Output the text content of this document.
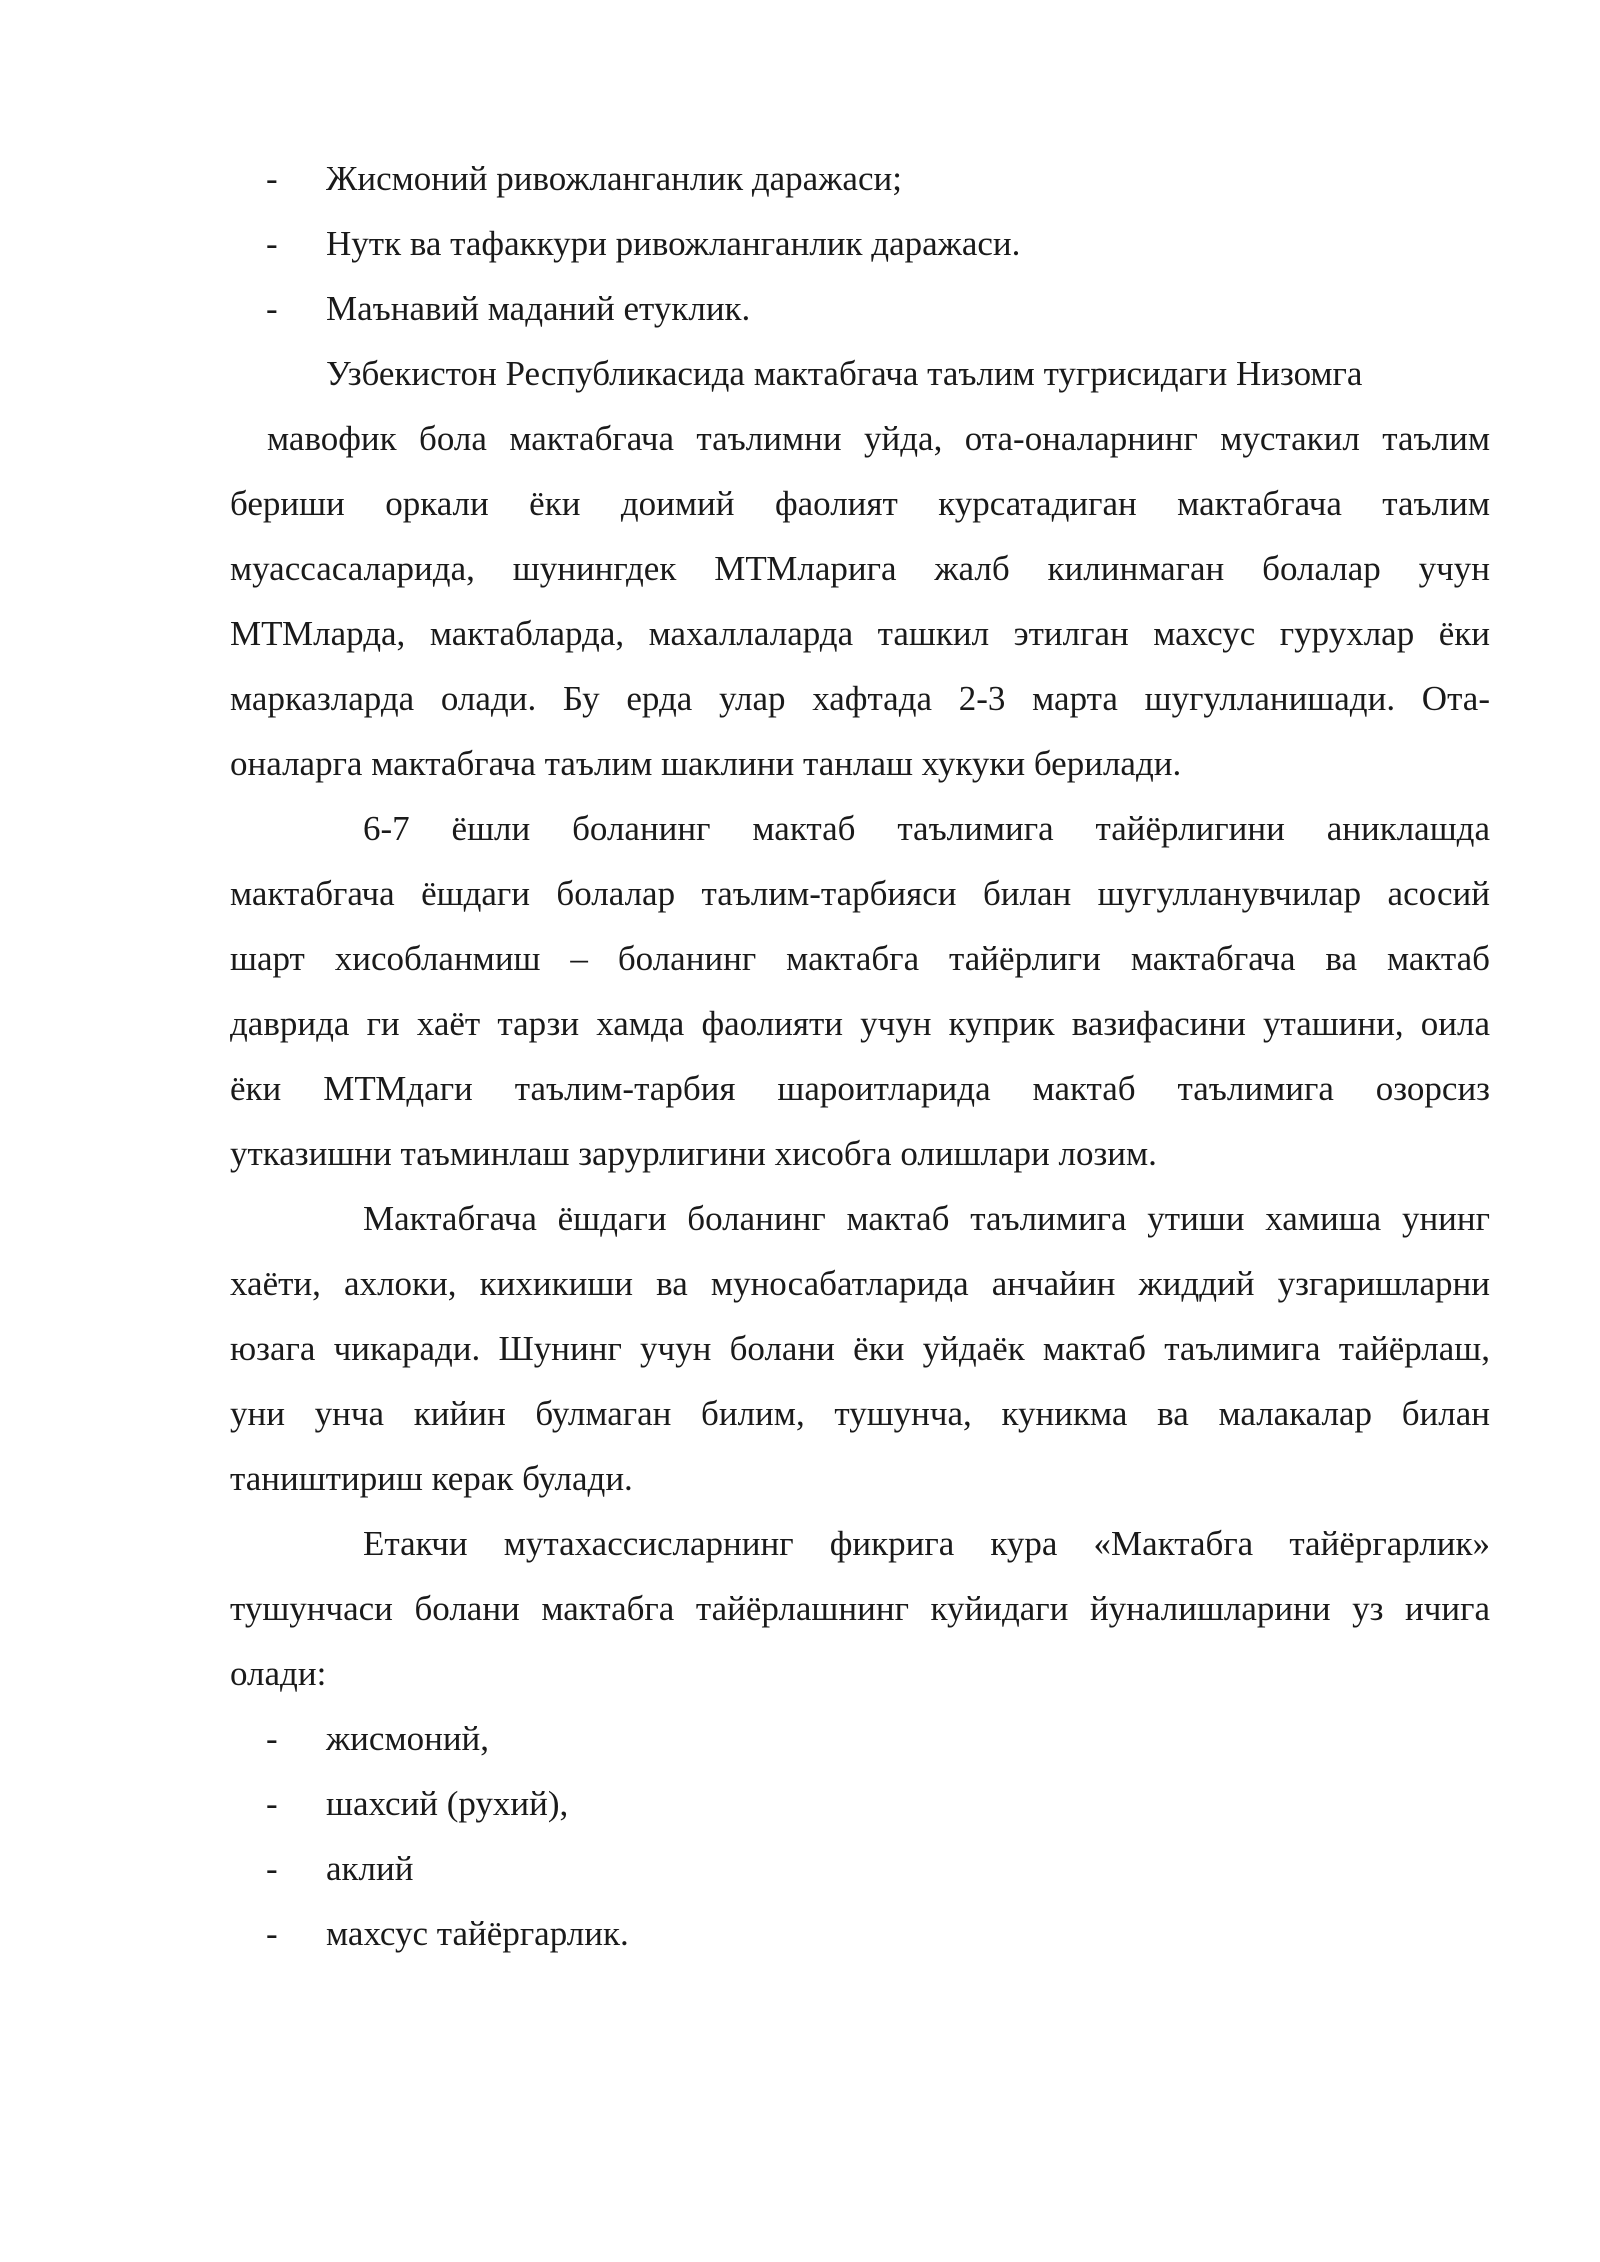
- Жисмоний ривожланганлик даражаси;
- Нутк ва тафаккури ривожланганлик даражаси.
- Маънавий маданий етуклик.
Узбекистон Республикасида мактабгача таълим тугрисидаги Низомга
мавофик бола мактабгача таълимни уйда, ота-оналарнинг мустакил таълим
бериши оркали ёки доимий фаолият курсатадиган мактабгача таълим
муассасаларида, шунингдек МТМларига жалб килинмаган болалар учун
МТМларда, мактабларда, махаллаларда ташкил этилган махсус гурухлар ёки
марказларда олади. Бу ерда улар хафтада 2-3 марта шугулланишади. Ота-
оналарга мактабгача таълим шаклини танлаш хукуки берилади.
6-7 ёшли боланинг мактаб таълимига тайёрлигини аниклашда
мактабгача ёшдаги болалар таълим-тарбияси билан шугулланувчилар асосий
шарт хисобланмиш – боланинг мактабга тайёрлиги мактабгача ва мактаб
даврида ги хаёт тарзи хамда фаолияти учун куприк вазифасини уташини, оила
ёки МТМдаги таълим-тарбия шароитларида мактаб таълимига озорсиз
утказишни таъминлаш зарурлигини хисобга олишлари лозим.
Мактабгача ёшдаги боланинг мактаб таълимига утиши хамиша унинг
хаёти, ахлоки, кихикиши ва муносабатларида анчайин жиддий узгаришларни
юзага чикаради. Шунинг учун болани ёки уйдаёк мактаб таълимига тайёрлаш,
уни унча кийин булмаган билим, тушунча, куникма ва малакалар билан
таништириш керак булади.
Етакчи мутахассисларнинг фикрига кура «Мактабга тайёргарлик»
тушунчаси болани мактабга тайёрлашнинг куйидаги йуналишларини уз ичига
олади:
- жисмоний,
- шахсий (рухий),
- аклий
- махсус тайёргарлик.
